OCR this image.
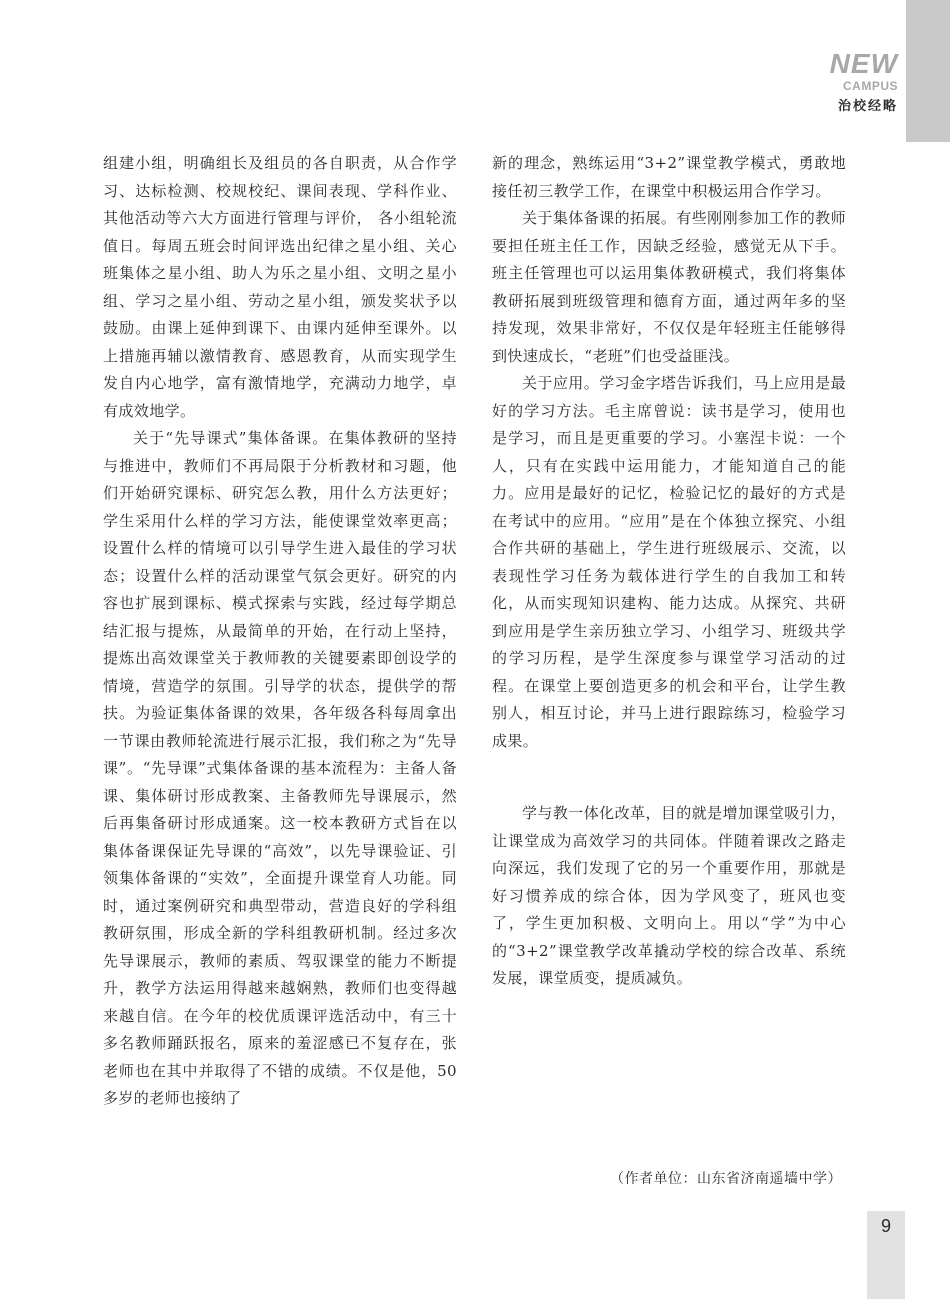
NEW
CAMPUS
治校经略

组建小组，明确组长及组员的各自职责，从合作学习、达标检测、校规校纪、课间表现、学科作业、其他活动等六大方面进行管理与评价， 各小组轮流值日。每周五班会时间评选出纪律之星小组、关心班集体之星小组、助人为乐之星小组、文明之星小组、学习之星小组、劳动之星小组，颁发奖状予以鼓励。由课上延伸到课下、由课内延伸至课外。以上措施再辅以激情教育、感恩教育，从而实现学生发自内心地学，富有激情地学，充满动力地学，卓有成效地学。

关于“先导课式”集体备课。在集体教研的坚持与推进中，教师们不再局限于分析教材和习题，他们开始研究课标、研究怎么教，用什么方法更好；学生采用什么样的学习方法，能使课堂效率更高；设置什么样的情境可以引导学生进入最佳的学习状态；设置什么样的活动课堂气氛会更好。研究的内容也扩展到课标、模式探索与实践，经过每学期总结汇报与提炼，从最简单的开始，在行动上坚持，提炼出高效课堂关于教师教的关键要素即创设学的情境，营造学的氛围。引导学的状态，提供学的帮扶。为验证集体备课的效果，各年级各科每周拿出一节课由教师轮流进行展示汇报，我们称之为“先导课”。“先导课”式集体备课的基本流程为：主备人备课、集体研讨形成教案、主备教师先导课展示，然后再集备研讨形成通案。这一校本教研方式旨在以集体备课保证先导课的“高效”，以先导课验证、引领集体备课的“实效”，全面提升课堂育人功能。同时，通过案例研究和典型带动，营造良好的学科组教研氛围，形成全新的学科组教研机制。经过多次先导课展示，教师的素质、驾驭课堂的能力不断提升，教学方法运用得越来越娴熟，教师们也变得越来越自信。在今年的校优质课评选活动中，有三十多名教师踊跃报名，原来的羞涩感已不复存在，张老师也在其中并取得了不错的成绩。不仅是他，50多岁的老师也接纳了

新的理念，熟练运用“3+2”课堂教学模式，勇敢地接任初三教学工作，在课堂中积极运用合作学习。

关于集体备课的拓展。有些刚刚参加工作的教师要担任班主任工作，因缺乏经验，感觉无从下手。班主任管理也可以运用集体教研模式，我们将集体教研拓展到班级管理和德育方面，通过两年多的坚持发现，效果非常好，不仅仅是年轻班主任能够得到快速成长，“老班”们也受益匪浅。

关于应用。学习金字塔告诉我们，马上应用是最好的学习方法。毛主席曾说：读书是学习，使用也是学习，而且是更重要的学习。小塞涅卡说：一个人，只有在实践中运用能力，才能知道自己的能力。应用是最好的记忆，检验记忆的最好的方式是在考试中的应用。“应用”是在个体独立探究、小组合作共研的基础上，学生进行班级展示、交流，以表现性学习任务为载体进行学生的自我加工和转化，从而实现知识建构、能力达成。从探究、共研到应用是学生亲历独立学习、小组学习、班级共学的学习历程，是学生深度参与课堂学习活动的过程。在课堂上要创造更多的机会和平台，让学生教别人，相互讨论，并马上进行跟踪练习，检验学习成果。

学与教一体化改革，目的就是增加课堂吸引力，让课堂成为高效学习的共同体。伴随着课改之路走向深远，我们发现了它的另一个重要作用，那就是好习惯养成的综合体，因为学风变了，班风也变了，学生更加积极、文明向上。用以“学”为中心的“3+2”课堂教学改革撬动学校的综合改革、系统发展，课堂质变，提质减负。

（作者单位：山东省济南遥墙中学）
9
